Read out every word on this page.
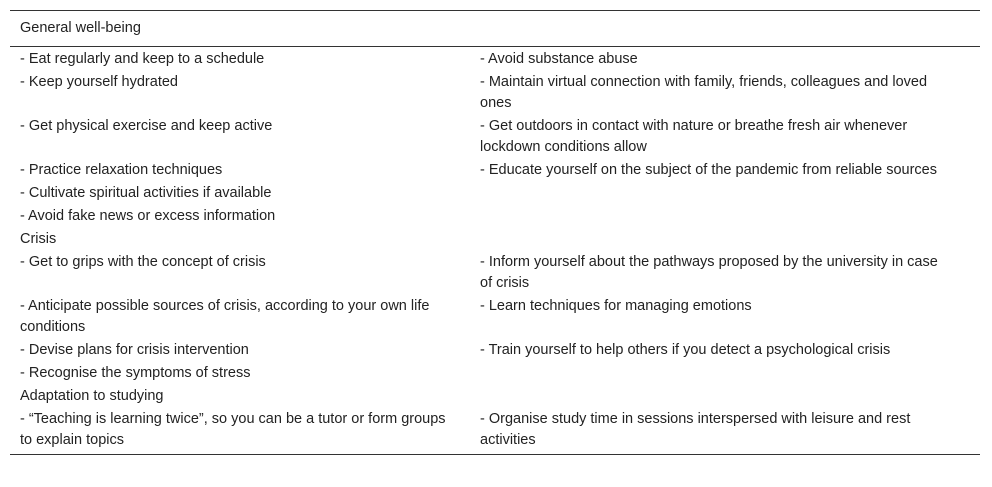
General well-being	
- Eat regularly and keep to a schedule	- Avoid substance abuse
- Keep yourself hydrated	- Maintain virtual connection with family, friends, colleagues and loved ones
- Get physical exercise and keep active	- Get outdoors in contact with nature or breathe fresh air whenever lockdown conditions allow
- Practice relaxation techniques	- Educate yourself on the subject of the pandemic from reliable sources
- Cultivate spiritual activities if available	
- Avoid fake news or excess information	
Crisis	
- Get to grips with the concept of crisis	- Inform yourself about the pathways proposed by the university in case of crisis
- Anticipate possible sources of crisis, according to your own life conditions	- Learn techniques for managing emotions
- Devise plans for crisis intervention	- Train yourself to help others if you detect a psychological crisis
- Recognise the symptoms of stress	
Adaptation to studying	
- “Teaching is learning twice”, so you can be a tutor or form groups to explain topics	- Organise study time in sessions interspersed with leisure and rest activities
